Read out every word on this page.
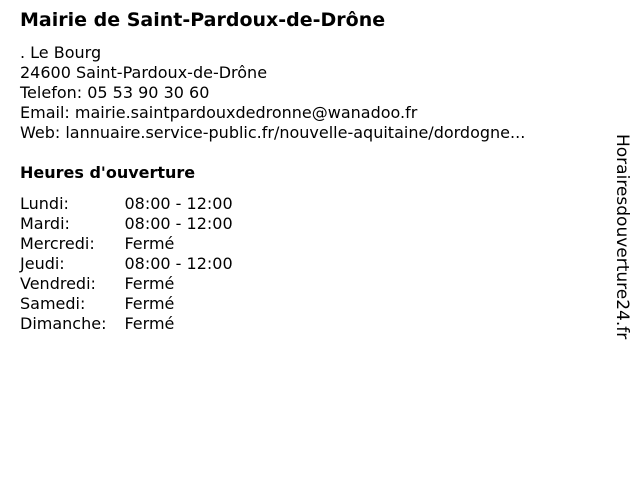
Mairie de Saint-Pardoux-de-Drône
. Le Bourg
24600 Saint-Pardoux-de-Drône
Telefon: 05 53 90 30 60
Email: mairie.saintpardouxdedronne@wanadoo.fr
Web: lannuaire.service-public.fr/nouvelle-aquitaine/dordogne...
Heures d'ouverture
Lundi:	08:00 - 12:00
Mardi:	08:00 - 12:00
Mercredi:	Fermé
Jeudi:	08:00 - 12:00
Vendredi:	Fermé
Samedi:	Fermé
Dimanche:	Fermé	Horairesdouverture24.fr
